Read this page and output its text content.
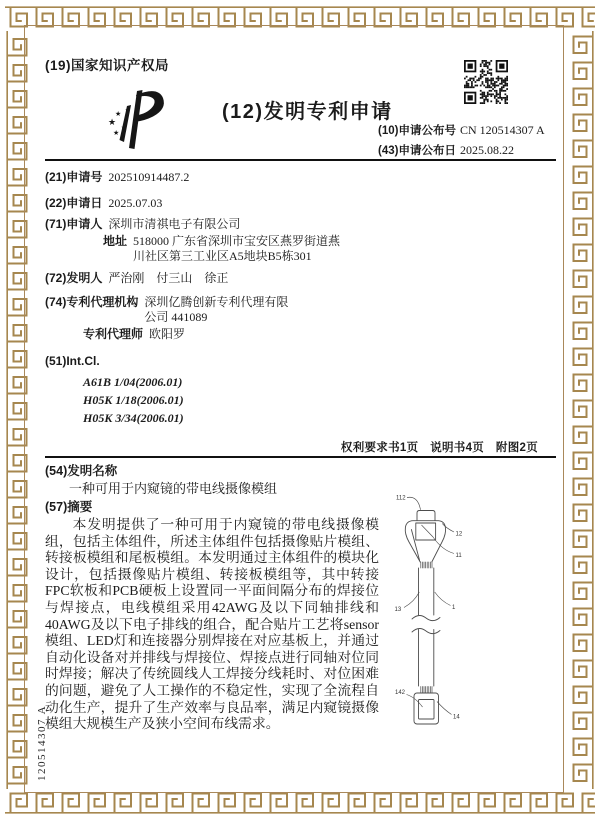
(19)国家知识产权局
★
★
★
★
★
★	(12)发明专利申请
(10)申请公布号 CN 120514307 A
(43)申请公布日 2025.08.22
(21)申请号 202510914487.2
(22)申请日 2025.07.03
(71)申请人 深圳市清祺电子有限公司
地址 518000 广东省深圳市宝安区燕罗街道燕川社区第三工业区A5地块B5栋301
(72)发明人 严治刚　付三山　徐正
(74)专利代理机构 深圳亿腾创新专利代理有限公司 441089
专利代理师 欧阳罗
(51)Int.Cl.
A61B 1/04(2006.01)
H05K 1/18(2006.01)
H05K 3/34(2006.01)
权利要求书1页　说明书4页　附图2页
(54)发明名称
一种可用于内窥镜的带电线摄像模组
(57)摘要
本发明提供了一种可用于内窥镜的带电线摄像模组，包括主体组件，所述主体组件包括摄像贴片模组、转接板模组和尾板模组。本发明通过主体组件的模块化设计，包括摄像贴片模组、转接板模组等，其中转接FPC软板和PCB硬板上设置同一平面间隔分布的焊接位与焊接点，电线模组采用42AWG及以下同轴排线和40AWG及以下电子排线的组合，配合贴片工艺将sensor模组、LED灯和连接器分别焊接在对应基板上，并通过自动化设备对并排线与焊接位、焊接点进行同轴对位同时焊接；解决了传统圆线人工焊接分线耗时、对位困难的问题，避免了人工操作的不稳定性，实现了全流程自动化生产，提升了生产效率与良品率，满足内窥镜摄像模组大规模生产及狭小空间布线需求。
112
12
11
13	1
142
14
120514307 A
